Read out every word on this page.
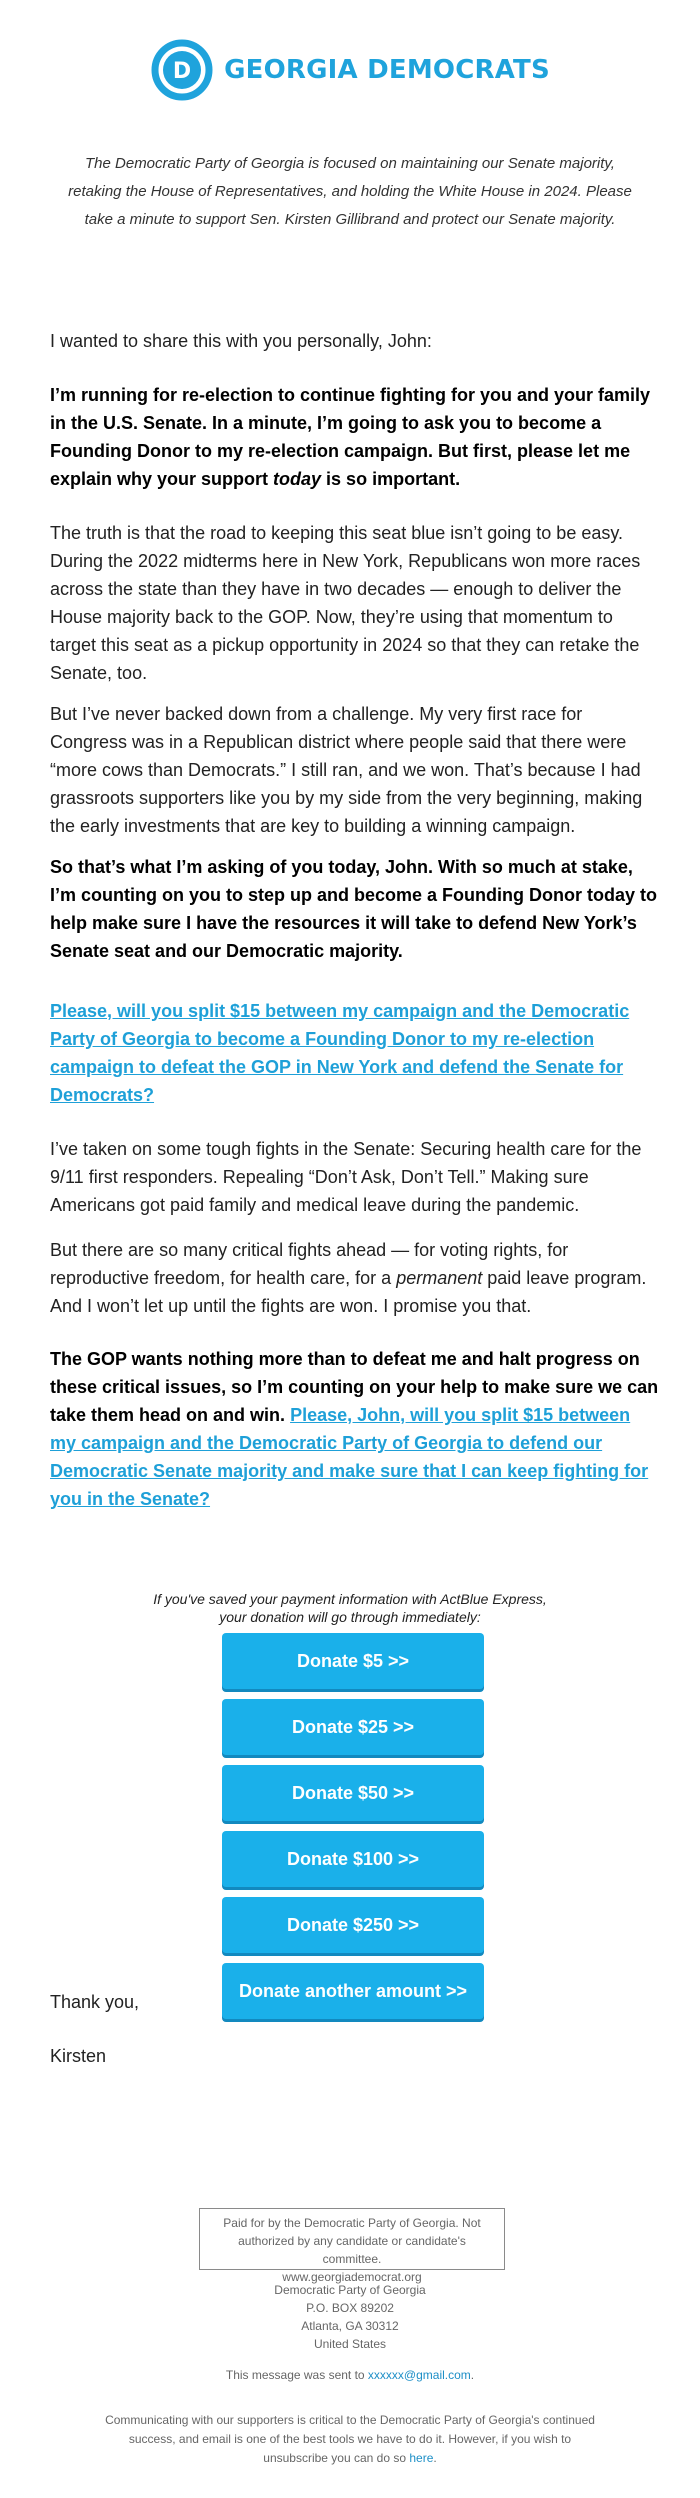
D GEORGIA DEMOCRATS

The Democratic Party of Georgia is focused on maintaining our Senate majority, retaking the House of Representatives, and holding the White House in 2024. Please take a minute to support Sen. Kirsten Gillibrand and protect our Senate majority.

I wanted to share this with you personally, John:

I’m running for re-election to continue fighting for you and your family in the U.S. Senate. In a minute, I’m going to ask you to become a Founding Donor to my re-election campaign. But first, please let me explain why your support today is so important.

The truth is that the road to keeping this seat blue isn’t going to be easy. During the 2022 midterms here in New York, Republicans won more races across the state than they have in two decades — enough to deliver the House majority back to the GOP. Now, they’re using that momentum to target this seat as a pickup opportunity in 2024 so that they can retake the Senate, too.

But I’ve never backed down from a challenge. My very first race for Congress was in a Republican district where people said that there were “more cows than Democrats.” I still ran, and we won. That’s because I had grassroots supporters like you by my side from the very beginning, making the early investments that are key to building a winning campaign.

So that’s what I’m asking of you today, John. With so much at stake, I’m counting on you to step up and become a Founding Donor today to help make sure I have the resources it will take to defend New York’s Senate seat and our Democratic majority.

Please, will you split $15 between my campaign and the Democratic Party of Georgia to become a Founding Donor to my re-election campaign to defeat the GOP in New York and defend the Senate for Democrats?

I’ve taken on some tough fights in the Senate: Securing health care for the 9/11 first responders. Repealing “Don’t Ask, Don’t Tell.” Making sure Americans got paid family and medical leave during the pandemic.

But there are so many critical fights ahead — for voting rights, for reproductive freedom, for health care, for a permanent paid leave program. And I won’t let up until the fights are won. I promise you that.

The GOP wants nothing more than to defeat me and halt progress on these critical issues, so I’m counting on your help to make sure we can take them head on and win. Please, John, will you split $15 between my campaign and the Democratic Party of Georgia to defend our Democratic Senate majority and make sure that I can keep fighting for you in the Senate?

If you've saved your payment information with ActBlue Express,
your donation will go through immediately:

Donate $5 >>
Donate $25 >>
Donate $50 >>
Donate $100 >>
Donate $250 >>
Donate another amount >>

Thank you,

Kirsten

Paid for by the Democratic Party of Georgia. Not authorized by any candidate or candidate's committee.
www.georgiademocrat.org
Democratic Party of Georgia
P.O. BOX 89202
Atlanta, GA 30312
United States
This message was sent to xxxxxx@gmail.com.

Communicating with our supporters is critical to the Democratic Party of Georgia's continued success, and email is one of the best tools we have to do it. However, if you wish to unsubscribe you can do so here.
